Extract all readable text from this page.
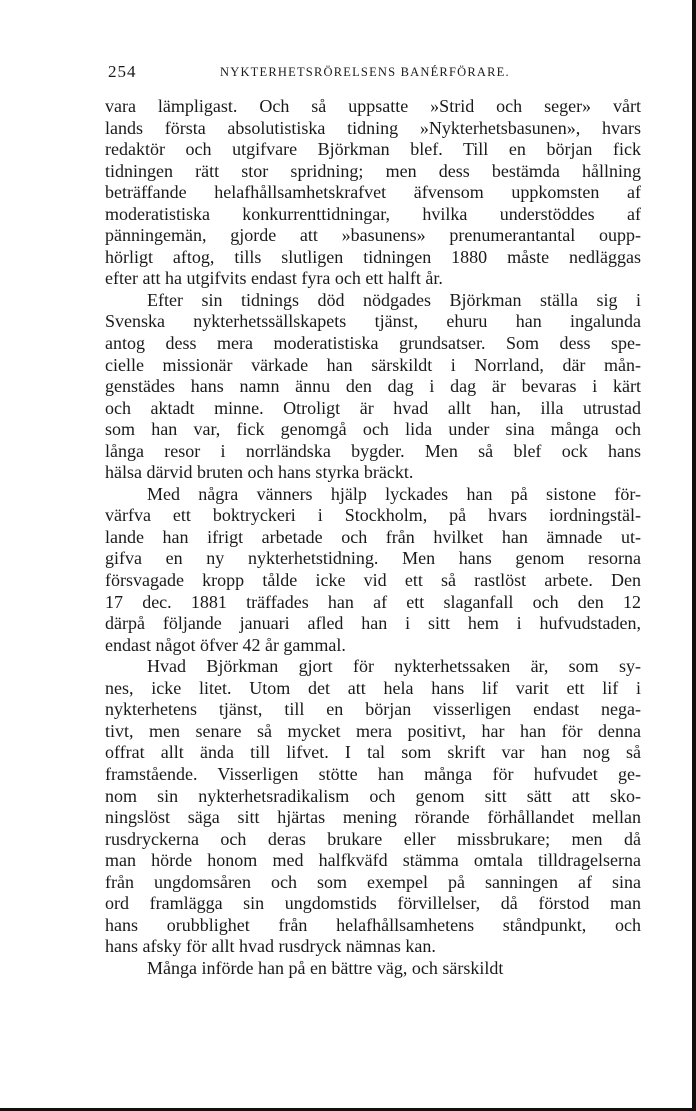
254	NYKTERHETSRÖRELSENS BANÉRFÖRARE.
vara lämpligast. Och så uppsatte »Strid och seger» vårt
lands första absolutistiska tidning »Nykterhetsbasunen», hvars
redaktör och utgifvare Björkman blef. Till en början fick
tidningen rätt stor spridning; men dess bestämda hållning
beträffande helafhållsamhetskrafvet äfvensom uppkomsten af
moderatistiska konkurrenttidningar, hvilka understöddes af
pänningemän, gjorde att »basunens» prenumerantantal oupp-
hörligt aftog, tills slutligen tidningen 1880 måste nedläggas
efter att ha utgifvits endast fyra och ett halft år.
Efter sin tidnings död nödgades Björkman ställa sig i
Svenska nykterhetssällskapets tjänst, ehuru han ingalunda
antog dess mera moderatistiska grundsatser. Som dess spe-
cielle missionär värkade han särskildt i Norrland, där mån-
genstädes hans namn ännu den dag i dag är bevaras i kärt
och aktadt minne. Otroligt är hvad allt han, illa utrustad
som han var, fick genomgå och lida under sina många och
långa resor i norrländska bygder. Men så blef ock hans
hälsa därvid bruten och hans styrka bräckt.
Med några vänners hjälp lyckades han på sistone för-
värfva ett boktryckeri i Stockholm, på hvars iordningstäl-
lande han ifrigt arbetade och från hvilket han ämnade ut-
gifva en ny nykterhetstidning. Men hans genom resorna
försvagade kropp tålde icke vid ett så rastlöst arbete. Den
17 dec. 1881 träffades han af ett slaganfall och den 12
därpå följande januari afled han i sitt hem i hufvudstaden,
endast något öfver 42 år gammal.
Hvad Björkman gjort för nykterhetssaken är, som sy-
nes, icke litet. Utom det att hela hans lif varit ett lif i
nykterhetens tjänst, till en början visserligen endast nega-
tivt, men senare så mycket mera positivt, har han för denna
offrat allt ända till lifvet. I tal som skrift var han nog så
framstående. Visserligen stötte han många för hufvudet ge-
nom sin nykterhetsradikalism och genom sitt sätt att sko-
ningslöst säga sitt hjärtas mening rörande förhållandet mellan
rusdryckerna och deras brukare eller missbrukare; men då
man hörde honom med halfkväfd stämma omtala tilldragelserna
från ungdomsåren och som exempel på sanningen af sina
ord framlägga sin ungdomstids förvillelser, då förstod man
hans orubblighet från helafhållsamhetens ståndpunkt, och
hans afsky för allt hvad rusdryck nämnas kan.
Många införde han på en bättre väg, och särskildt
